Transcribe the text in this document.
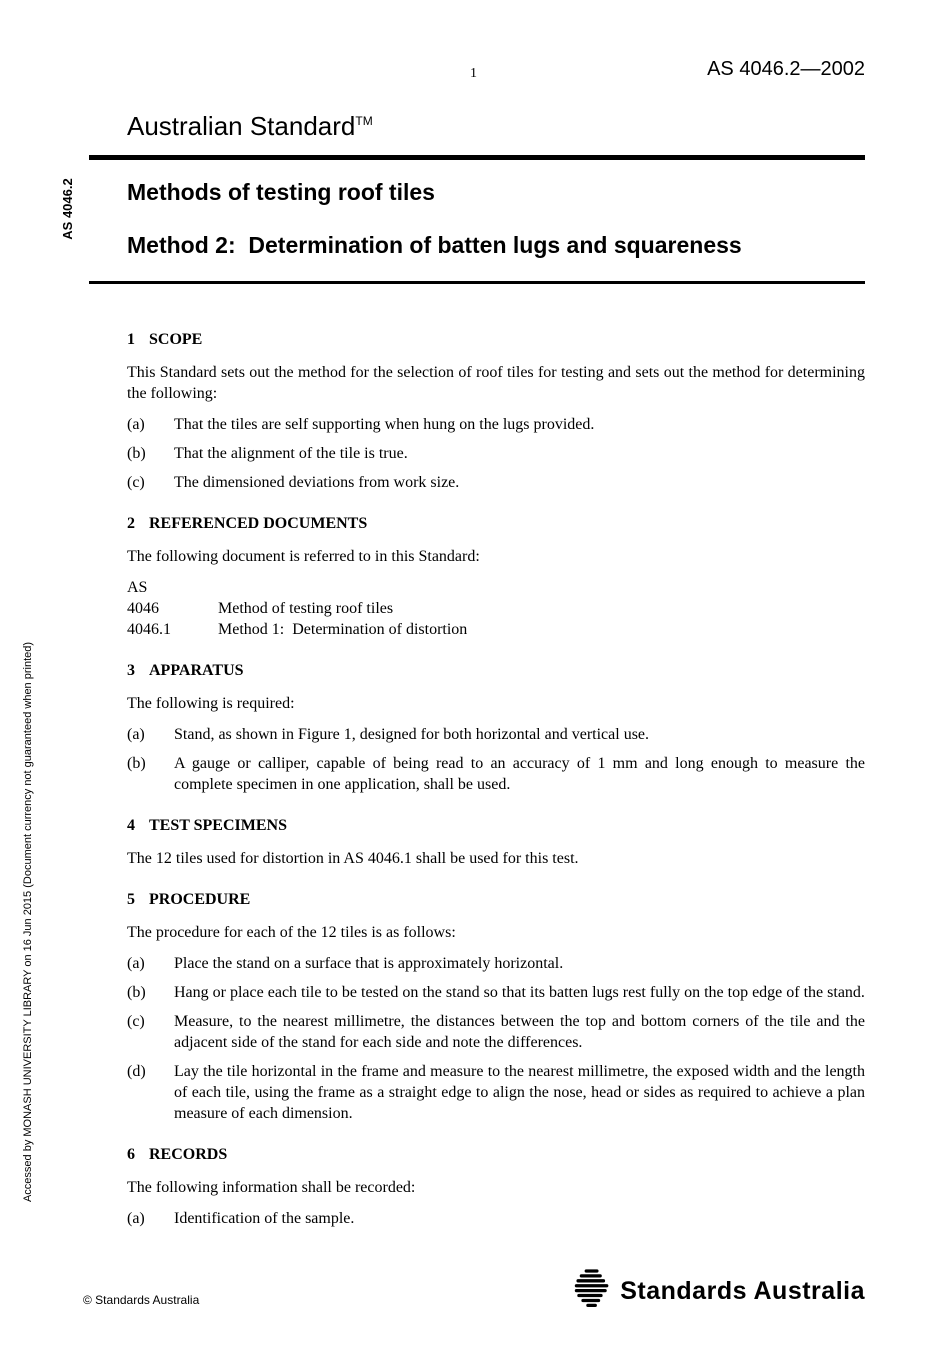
AS 4046.2
Accessed by MONASH UNIVERSITY LIBRARY on 16 Jun 2015 (Document currency not guaranteed when printed)
1	AS 4046.2—2002
Australian Standard™
Methods of testing roof tiles
Method 2:  Determination of batten lugs and squareness
1 SCOPE

This Standard sets out the method for the selection of roof tiles for testing and sets out the method for determining the following:

(a)	That the tiles are self supporting when hung on the lugs provided.
(b)	That the alignment of the tile is true.
(c)	The dimensioned deviations from work size.
2 REFERENCED DOCUMENTS

The following document is referred to in this Standard:

AS
4046	Method of testing roof tiles
4046.1	Method 1:  Determination of distortion
3 APPARATUS

The following is required:

(a)	Stand, as shown in Figure 1, designed for both horizontal and vertical use.
(b)	A gauge or calliper, capable of being read to an accuracy of 1 mm and long enough to measure the complete specimen in one application, shall be used.
4 TEST SPECIMENS

The 12 tiles used for distortion in AS 4046.1 shall be used for this test.

5 PROCEDURE

The procedure for each of the 12 tiles is as follows:

(a)	Place the stand on a surface that is approximately horizontal.
(b)	Hang or place each tile to be tested on the stand so that its batten lugs rest fully on the top edge of the stand.
(c)	Measure, to the nearest millimetre, the distances between the top and bottom corners of the tile and the adjacent side of the stand for each side and note the differences.
(d)	Lay the tile horizontal in the frame and measure to the nearest millimetre, the exposed width and the length of each tile, using the frame as a straight edge to align the nose, head or sides as required to achieve a plan measure of each dimension.
6 RECORDS

The following information shall be recorded:

(a)	Identification of the sample.
© Standards Australia	Standards Australia
